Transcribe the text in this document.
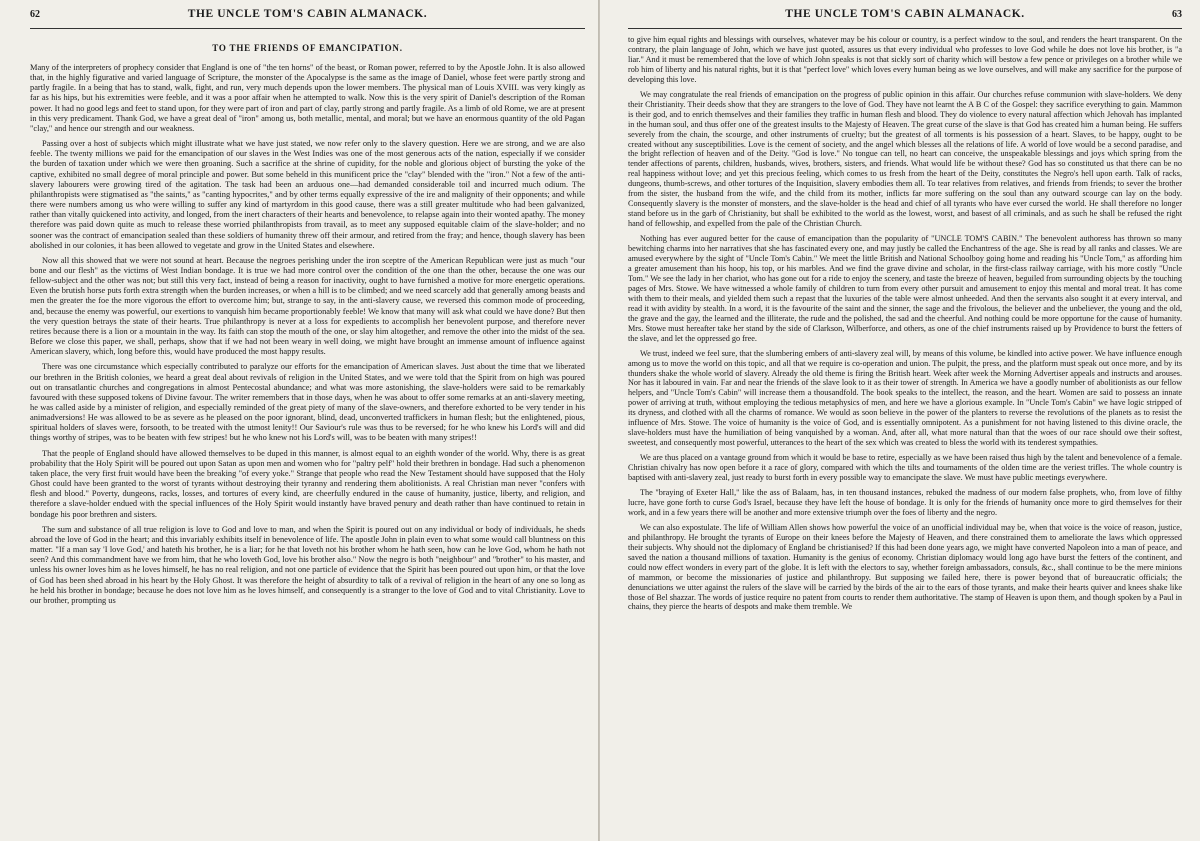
62	THE UNCLE TOM'S CABIN ALMANACK.
TO THE FRIENDS OF EMANCIPATION.

Many of the interpreters of prophecy consider that England is one of "the ten horns" of the beast, or Roman power, referred to by the Apostle John. It is also allowed that, in the highly figurative and varied language of Scripture, the monster of the Apocalypse is the same as the image of Daniel, whose feet were partly strong and partly fragile. In a being that has to stand, walk, fight, and run, very much depends upon the lower members. The physical man of Louis XVIII. was very kingly as far as his hips, but his extremities were feeble, and it was a poor affair when he attempted to walk. Now this is the very spirit of Daniel's description of the Roman power. It had no good legs and feet to stand upon, for they were part of iron and part of clay, partly strong and partly fragile. As a limb of old Rome, we are at present in this very predicament. Thank God, we have a great deal of "iron" among us, both metallic, mental, and moral; but we have an enormous quantity of the old Pagan "clay," and hence our strength and our weakness.

Passing over a host of subjects which might illustrate what we have just stated, we now refer only to the slavery question. Here we are strong, and we are also feeble. The twenty millions we paid for the emancipation of our slaves in the West Indies was one of the most generous acts of the nation, especially if we consider the burden of taxation under which we were then groaning. Such a sacrifice at the shrine of cupidity, for the noble and glorious object of bursting the yoke of the captive, exhibited no small degree of moral principle and power. But some beheld in this munificent price the "clay" blended with the "iron." Not a few of the anti-slavery labourers were growing tired of the agitation. The task had been an arduous one—had demanded considerable toil and incurred much odium. The philanthropists were stigmatised as "the saints," as "canting hypocrites," and by other terms equally expressive of the ire and malignity of their opponents; and while there were numbers among us who were willing to suffer any kind of martyrdom in this good cause, there was a still greater multitude who had been galvanized, rather than vitally quickened into activity, and longed, from the inert characters of their hearts and benevolence, to relapse again into their wonted apathy. The money therefore was paid down quite as much to release these worried philanthropists from travail, as to meet any supposed equitable claim of the slave-holder; and no sooner was the contract of emancipation sealed than these soldiers of humanity threw off their armour, and retired from the fray; and hence, though slavery has been abolished in our colonies, it has been allowed to vegetate and grow in the United States and elsewhere.

Now all this showed that we were not sound at heart. Because the negroes perishing under the iron sceptre of the American Republican were just as much "our bone and our flesh" as the victims of West Indian bondage. It is true we had more control over the condition of the one than the other, because the one was our fellow-subject and the other was not; but still this very fact, instead of being a reason for inactivity, ought to have furnished a motive for more energetic operations. Even the brutish horse puts forth extra strength when the burden increases, or when a hill is to be climbed; and we need scarcely add that generally among beasts and men the greater the foe the more vigorous the effort to overcome him; but, strange to say, in the anti-slavery cause, we reversed this common mode of proceeding, and, because the enemy was powerful, our exertions to vanquish him became proportionably feeble! We know that many will ask what could we have done? But then the very question betrays the state of their hearts. True philanthropy is never at a loss for expedients to accomplish her benevolent purpose, and therefore never retires because there is a lion or a mountain in the way. Its faith can stop the mouth of the one, or slay him altogether, and remove the other into the midst of the sea. Before we close this paper, we shall, perhaps, show that if we had not been weary in well doing, we might have brought an immense amount of influence against American slavery, which, long before this, would have produced the most happy results.

There was one circumstance which especially contributed to paralyze our efforts for the emancipation of American slaves. Just about the time that we liberated our brethren in the British colonies, we heard a great deal about revivals of religion in the United States, and we were told that the Spirit from on high was poured out on transatlantic churches and congregations in almost Pentecostal abundance; and what was more astonishing, the slave-holders were said to be remarkably favoured with these supposed tokens of Divine favour. The writer remembers that in those days, when he was about to offer some remarks at an anti-slavery meeting, he was called aside by a minister of religion, and especially reminded of the great piety of many of the slave-owners, and therefore exhorted to be very tender in his animadversions! He was allowed to be as severe as he pleased on the poor ignorant, blind, dead, unconverted traffickers in human flesh; but the enlightened, pious, spiritual holders of slaves were, forsooth, to be treated with the utmost lenity!! Our Saviour's rule was thus to be reversed; for he who knew his Lord's will and did things worthy of stripes, was to be beaten with few stripes! but he who knew not his Lord's will, was to be beaten with many stripes!!

That the people of England should have allowed themselves to be duped in this manner, is almost equal to an eighth wonder of the world. Why, there is as great probability that the Holy Spirit will be poured out upon Satan as upon men and women who for "paltry pelf" hold their brethren in bondage. Had such a phenomenon taken place, the very first fruit would have been the breaking "of every yoke." Strange that people who read the New Testament should have supposed that the Holy Ghost could have been granted to the worst of tyrants without destroying their tyranny and rendering them abolitionists. A real Christian man never "confers with flesh and blood." Poverty, dungeons, racks, losses, and tortures of every kind, are cheerfully endured in the cause of humanity, justice, liberty, and religion, and therefore a slave-holder endued with the special influences of the Holy Spirit would instantly have braved penury and death rather than have continued to retain in bondage his poor brethren and sisters.

The sum and substance of all true religion is love to God and love to man, and when the Spirit is poured out on any individual or body of individuals, he sheds abroad the love of God in the heart; and this invariably exhibits itself in benevolence of life. The apostle John in plain even to what some would call bluntness on this matter. "If a man say 'I love God,' and hateth his brother, he is a liar; for he that loveth not his brother whom he hath seen, how can he love God, whom he hath not seen? And this commandment have we from him, that he who loveth God, love his brother also." Now the negro is both "neighbour" and "brother" to his master, and unless his owner loves him as he loves himself, he has no real religion, and not one particle of evidence that the Spirit has been poured out upon him, or that the love of God has been shed abroad in his heart by the Holy Ghost. It was therefore the height of absurdity to talk of a revival of religion in the heart of any one so long as he held his brother in bondage; because he does not love him as he loves himself, and consequently is a stranger to the love of God and to vital Christianity. Love to our brother, prompting us

THE UNCLE TOM'S CABIN ALMANACK.	63

to give him equal rights and blessings with ourselves, whatever may be his colour or country, is a perfect window to the soul, and renders the heart transparent. On the contrary, the plain language of John, which we have just quoted, assures us that every individual who professes to love God while he does not love his brother, is "a liar." And it must be remembered that the love of which John speaks is not that sickly sort of charity which will bestow a few pence or privileges on a brother while we rob him of liberty and his natural rights, but it is that "perfect love" which loves every human being as we love ourselves, and will make any sacrifice for the purpose of developing this love.

We may congratulate the real friends of emancipation on the progress of public opinion in this affair. Our churches refuse communion with slave-holders. We deny their Christianity. Their deeds show that they are strangers to the love of God. They have not learnt the A B C of the Gospel: they sacrifice everything to gain. Mammon is their god, and to enrich themselves and their families they traffic in human flesh and blood. They do violence to every natural affection which Jehovah has implanted in the human soul, and thus offer one of the greatest insults to the Majesty of Heaven. The great curse of the slave is that God has created him a human being. He suffers severely from the chain, the scourge, and other instruments of cruelty; but the greatest of all torments is his possession of a heart. Slaves, to be happy, ought to be created without any susceptibilities. Love is the cement of society, and the angel which blesses all the relations of life. A world of love would be a second paradise, and the bright reflection of heaven and of the Deity. "God is love." No tongue can tell, no heart can conceive, the unspeakable blessings and joys which spring from the tender affections of parents, children, husbands, wives, brothers, sisters, and friends. What would life be without these? God has so constituted us that there can be no real happiness without love; and yet this precious feeling, which comes to us fresh from the heart of the Deity, constitutes the Negro's hell upon earth. Talk of racks, dungeons, thumb-screws, and other tortures of the Inquisition, slavery embodies them all. To tear relatives from relatives, and friends from friends; to sever the brother from the sister, the husband from the wife, and the child from its mother, inflicts far more suffering on the soul than any outward scourge can lay on the body. Consequently slavery is the monster of monsters, and the slave-holder is the head and chief of all tyrants who have ever cursed the world. He shall therefore no longer stand before us in the garb of Christianity, but shall be exhibited to the world as the lowest, worst, and basest of all criminals, and as such he shall be refused the right hand of fellowship, and expelled from the pale of the Christian Church.

Nothing has ever augured better for the cause of emancipation than the popularity of "UNCLE TOM'S CABIN." The benevolent authoress has thrown so many bewitching charms into her narratives that she has fascinated every one, and may justly be called the Enchantress of the age. She is read by all ranks and classes. We are amused everywhere by the sight of "Uncle Tom's Cabin." We meet the little British and National Schoolboy going home and reading his "Uncle Tom," as affording him a greater amusement than his hoop, his top, or his marbles. And we find the grave divine and scholar, in the first-class railway carriage, with his more costly "Uncle Tom." We see the lady in her chariot, who has gone out for a ride to enjoy the scenery, and taste the breeze of heaven, beguiled from surrounding objects by the touching pages of Mrs. Stowe. We have witnessed a whole family of children to turn from every other pursuit and amusement to enjoy this mental and moral treat. It has come with them to their meals, and yielded them such a repast that the luxuries of the table were almost unheeded. And then the servants also sought it at every interval, and read it with avidity by stealth. In a word, it is the favourite of the saint and the sinner, the sage and the frivolous, the believer and the unbeliever, the young and the old, the grave and the gay, the learned and the illiterate, the rude and the polished, the sad and the cheerful. And nothing could be more opportune for the cause of humanity. Mrs. Stowe must hereafter take her stand by the side of Clarkson, Wilberforce, and others, as one of the chief instruments raised up by Providence to burst the fetters of the slave, and let the oppressed go free.

We trust, indeed we feel sure, that the slumbering embers of anti-slavery zeal will, by means of this volume, be kindled into active power. We have influence enough among us to move the world on this topic, and all that we require is co-operation and union. The pulpit, the press, and the platform must speak out once more, and by its thunders shake the whole world of slavery. Already the old theme is firing the British heart. Week after week the Morning Advertiser appeals and instructs and arouses. Nor has it laboured in vain. Far and near the friends of the slave look to it as their tower of strength. In America we have a goodly number of abolitionists as our fellow helpers, and "Uncle Tom's Cabin" will increase them a thousandfold. The book speaks to the intellect, the reason, and the heart. Women are said to possess an innate power of arriving at truth, without employing the tedious metaphysics of men, and here we have a glorious example. In "Uncle Tom's Cabin" we have logic stripped of its dryness, and clothed with all the charms of romance. We would as soon believe in the power of the planters to reverse the revolutions of the planets as to resist the influence of Mrs. Stowe. The voice of humanity is the voice of God, and is essentially omnipotent. As a punishment for not having listened to this divine oracle, the slave-holders must have the humiliation of being vanquished by a woman. And, after all, what more natural than that the woes of our race should owe their softest, sweetest, and consequently most powerful, utterances to the heart of the sex which was created to bless the world with its tenderest sympathies.

We are thus placed on a vantage ground from which it would be base to retire, especially as we have been raised thus high by the talent and benevolence of a female. Christian chivalry has now open before it a race of glory, compared with which the tilts and tournaments of the olden time are the veriest trifles. The whole country is baptised with anti-slavery zeal, just ready to burst forth in every possible way to emancipate the slave. We must have public meetings everywhere.

The "braying of Exeter Hall," like the ass of Balaam, has, in ten thousand instances, rebuked the madness of our modern false prophets, who, from love of filthy lucre, have gone forth to curse God's Israel, because they have left the house of bondage. It is only for the friends of humanity once more to gird themselves for their work, and in a few years there will be another and more extensive triumph over the foes of liberty and the negro.

We can also expostulate. The life of William Allen shows how powerful the voice of an unofficial individual may be, when that voice is the voice of reason, justice, and philanthropy. He brought the tyrants of Europe on their knees before the Majesty of Heaven, and there constrained them to ameliorate the laws which oppressed their subjects. Why should not the diplomacy of England be christianised? If this had been done years ago, we might have converted Napoleon into a man of peace, and saved the nation a thousand millions of taxation. Humanity is the genius of economy. Christian diplomacy would long ago have burst the fetters of the continent, and could now effect wonders in every part of the globe. It is left with the electors to say, whether foreign ambassadors, consuls, &c., shall continue to be the mere minions of mammon, or become the missionaries of justice and philanthropy. But supposing we failed here, there is power beyond that of bureaucratic officials; the denunciations we utter against the rulers of the slave will be carried by the birds of the air to the ears of those tyrants, and make their hearts quiver and knees shake like those of Bel shazzar. The words of justice require no patent from courts to render them authoritative. The stamp of Heaven is upon them, and though spoken by a Paul in chains, they pierce the hearts of despots and make them tremble. We
